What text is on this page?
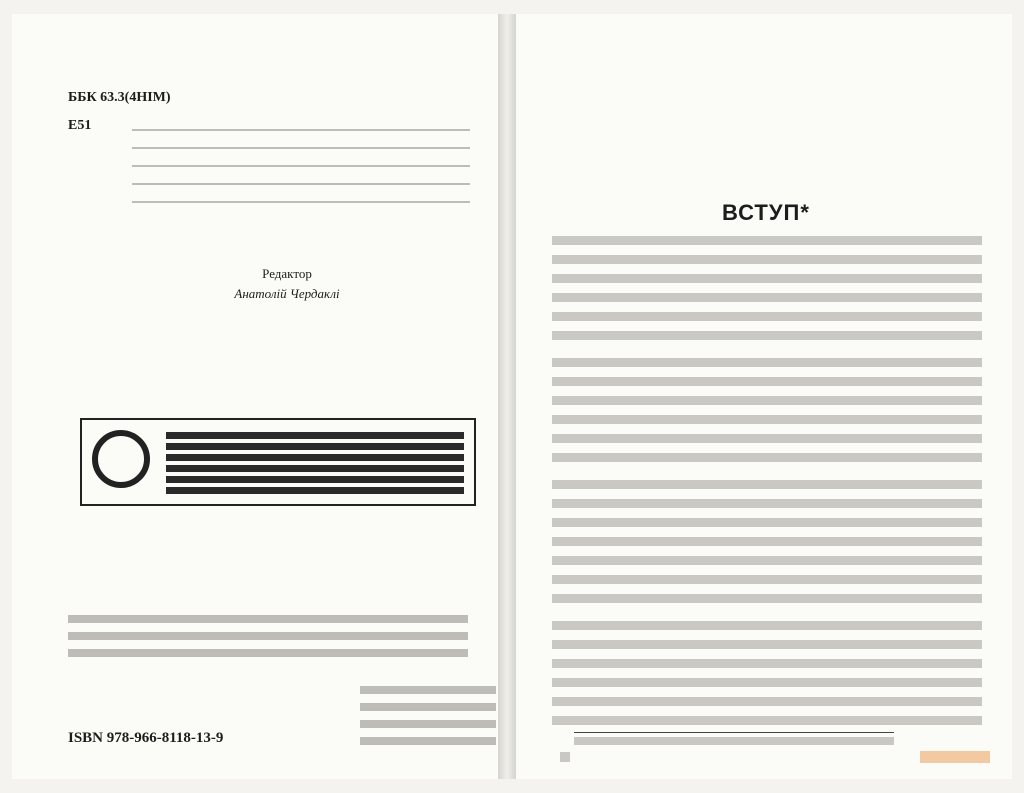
ББК 63.3(4НІМ)
Е51
Редактор
Анатолій Чердаклі
ISBN 978-966-8118-13-9
ВСТУП*
